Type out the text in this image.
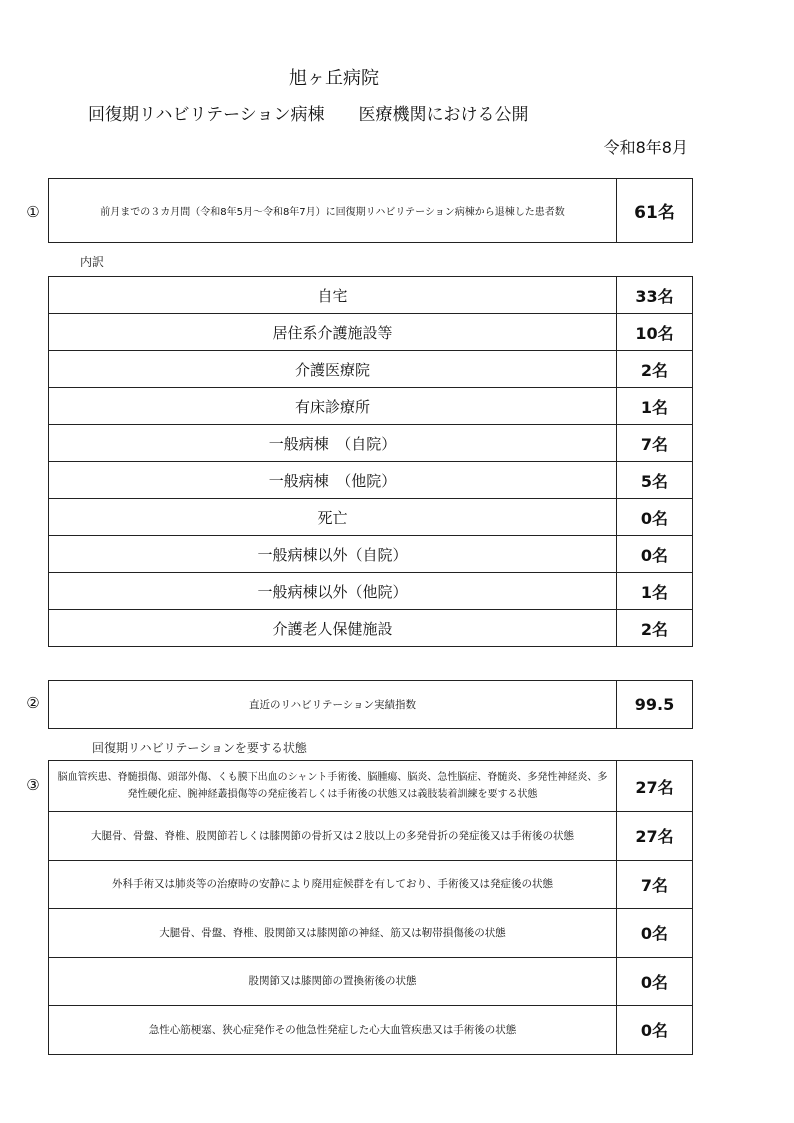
旭ヶ丘病院
回復期リハビリテーション病棟　　医療機関における公開
令和8年8月
①	前月までの３カ月間（令和8年5月～令和8年7月）に回復期リハビリテーション病棟から退棟した患者数	61名
内訳
自宅	33名
居住系介護施設等	10名
介護医療院	2名
有床診療所	1名
一般病棟　（自院）	7名
一般病棟　（他院）	5名
死亡	0名
一般病棟以外（自院）	0名
一般病棟以外（他院）	1名
介護老人保健施設	2名
②	直近のリハビリテーション実績指数	99.5
回復期リハビリテーションを要する状態
③	脳血管疾患、脊髄損傷、頭部外傷、くも膜下出血のシャント手術後、脳腫瘍、脳炎、急性脳症、脊髄炎、多発性神経炎、多発性硬化症、腕神経叢損傷等の発症後若しくは手術後の状態又は義肢装着訓練を要する状態	27名
大腿骨、骨盤、脊椎、股関節若しくは膝関節の骨折又は２肢以上の多発骨折の発症後又は手術後の状態	27名
外科手術又は肺炎等の治療時の安静により廃用症候群を有しており、手術後又は発症後の状態	7名
大腿骨、骨盤、脊椎、股関節又は膝関節の神経、筋又は靭帯損傷後の状態	0名
股関節又は膝関節の置換術後の状態	0名
急性心筋梗塞、狭心症発作その他急性発症した心大血管疾患又は手術後の状態	0名
